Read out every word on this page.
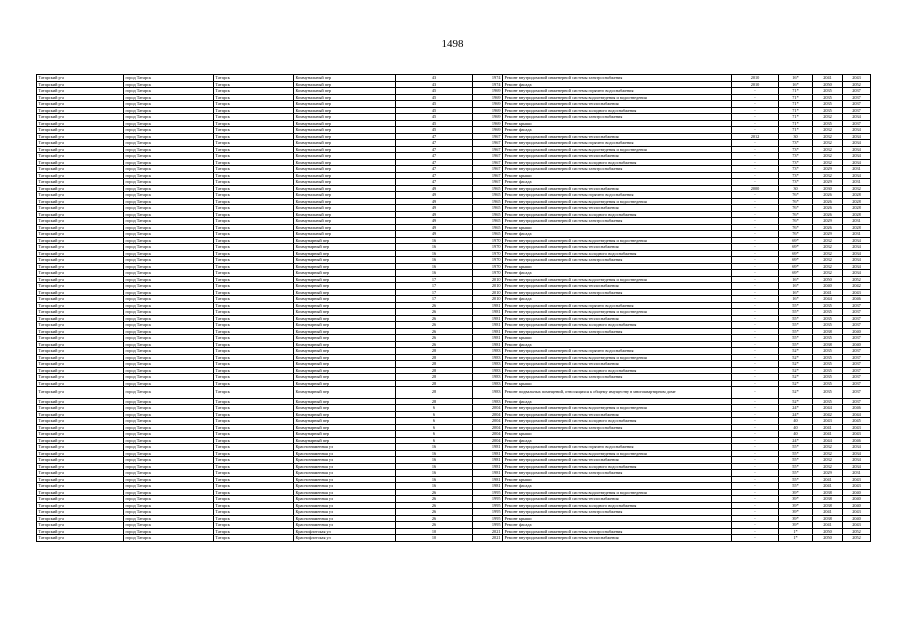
1498
Татарский р-а	город Татарск	Татарск	Коммунальный пер	43	1974	Ремонт внутридомовой инженерной системы электроснабжения	2010	16*	2041	2043
Татарский р-а	город Татарск	Татарск	Коммунальный пер	43	1974	Ремонт фасада	2010	16*	2050	2052
Татарский р-а	город Татарск	Татарск	Коммунальный пер	45	1969	Ремонт внутридомовой инженерной системы горячего водоснабжения	-	71*	2035	2037
Татарский р-а	город Татарск	Татарск	Коммунальный пер	45	1969	Ремонт внутридомовой инженерной системы водоотведения и водоотведения	-	71*	2035	2037
Татарский р-а	город Татарск	Татарск	Коммунальный пер	45	1969	Ремонт внутридомовой инженерной системы теплоснабжения	-	71*	2035	2037
Татарский р-а	город Татарск	Татарск	Коммунальный пер	45	1969	Ремонт внутридомовой инженерной системы холодного водоснабжения	-	71*	2035	2037
Татарский р-а	город Татарск	Татарск	Коммунальный пер	45	1969	Ремонт внутридомовой инженерной системы электроснабжения	-	71*	2032	2034
Татарский р-а	город Татарск	Татарск	Коммунальный пер	45	1969	Ремонт крыши	-	71*	2035	2037
Татарский р-а	город Татарск	Татарск	Коммунальный пер	45	1969	Ремонт фасада	-	71*	2032	2034
Татарский р-а	город Татарск	Татарск	Коммунальный пер	47	1967	Ремонт внутридомовой инженерной системы теплоснабжения	2012	30	2032	2034
Татарский р-а	город Татарск	Татарск	Коммунальный пер	47	1967	Ремонт внутридомовой инженерной системы горячего водоснабжения	-	73*	2032	2034
Татарский р-а	город Татарск	Татарск	Коммунальный пер	47	1967	Ремонт внутридомовой инженерной системы водоотведения и водоотведения	-	73*	2032	2034
Татарский р-а	город Татарск	Татарск	Коммунальный пер	47	1967	Ремонт внутридомовой инженерной системы теплоснабжения	-	73*	2032	2034
Татарский р-а	город Татарск	Татарск	Коммунальный пер	47	1967	Ремонт внутридомовой инженерной системы холодного водоснабжения	-	73*	2032	2034
Татарский р-а	город Татарск	Татарск	Коммунальный пер	47	1967	Ремонт внутридомовой инженерной системы электроснабжения	-	73*	2029	2031
Татарский р-а	город Татарск	Татарск	Коммунальный пер	47	1967	Ремонт крыши	-	73*	2032	2034
Татарский р-а	город Татарск	Татарск	Коммунальный пер	47	1967	Ремонт фасада	-	73*	2029	2031
Татарский р-а	город Татарск	Татарск	Коммунальный пер	49	1965	Ремонт внутридомовой инженерной системы теплоснабжения	2000	30	2030	2032
Татарский р-а	город Татарск	Татарск	Коммунальный пер	49	1965	Ремонт внутридомовой инженерной системы горячего водоснабжения	-	76*	2026	2028
Татарский р-а	город Татарск	Татарск	Коммунальный пер	49	1965	Ремонт внутридомовой инженерной системы водоотведения и водоотведения	-	76*	2026	2028
Татарский р-а	город Татарск	Татарск	Коммунальный пер	49	1965	Ремонт внутридомовой инженерной системы теплоснабжения	-	76*	2026	2028
Татарский р-а	город Татарск	Татарск	Коммунальный пер	49	1965	Ремонт внутридомовой инженерной системы холодного водоснабжения	-	76*	2026	2028
Татарский р-а	город Татарск	Татарск	Коммунальный пер	49	1965	Ремонт внутридомовой инженерной системы электроснабжения	-	76*	2029	2031
Татарский р-а	город Татарск	Татарск	Коммунальный пер	49	1965	Ремонт крыши	-	76*	2026	2028
Татарский р-а	город Татарск	Татарск	Коммунальный пер	49	1965	Ремонт фасада	-	76*	2029	2031
Татарский р-а	город Татарск	Татарск	Коммунарный пер	16	1970	Ремонт внутридомовой инженерной системы водоотведения и водоотведения	-	69*	2032	2034
Татарский р-а	город Татарск	Татарск	Коммунарный пер	16	1970	Ремонт внутридомовой инженерной системы теплоснабжения	-	69*	2032	2034
Татарский р-а	город Татарск	Татарск	Коммунарный пер	16	1970	Ремонт внутридомовой инженерной системы холодного водоснабжения	-	69*	2032	2034
Татарский р-а	город Татарск	Татарск	Коммунарный пер	16	1970	Ремонт внутридомовой инженерной системы электроснабжения	-	69*	2032	2034
Татарский р-а	город Татарск	Татарск	Коммунарный пер	16	1970	Ремонт крыши	-	69*	2032	2034
Татарский р-а	город Татарск	Татарск	Коммунарный пер	16	1970	Ремонт фасада	-	69*	2032	2034
Татарский р-а	город Татарск	Татарск	Коммунарный пер	17	2010	Ремонт внутридомовой инженерной системы водоотведения и водоотведения	-	16*	2050	2052
Татарский р-а	город Татарск	Татарск	Коммунарный пер	17	2010	Ремонт внутридомовой инженерной системы теплоснабжения	-	16*	2040	2042
Татарский р-а	город Татарск	Татарск	Коммунарный пер	17	2010	Ремонт внутридомовой инженерной системы электроснабжения	-	16*	2041	2043
Татарский р-а	город Татарск	Татарск	Коммунарный пер	17	2010	Ремонт фасада	-	16*	2044	2046
Татарский р-а	город Татарск	Татарск	Коммунарный пер	26	1981	Ремонт внутридомовой инженерной системы горячего водоснабжения	-	55*	2035	2037
Татарский р-а	город Татарск	Татарск	Коммунарный пер	26	1981	Ремонт внутридомовой инженерной системы водоотведения и водоотведения	-	55*	2035	2037
Татарский р-а	город Татарск	Татарск	Коммунарный пер	26	1981	Ремонт внутридомовой инженерной системы теплоснабжения	-	55*	2035	2037
Татарский р-а	город Татарск	Татарск	Коммунарный пер	26	1981	Ремонт внутридомовой инженерной системы холодного водоснабжения	-	55*	2035	2037
Татарский р-а	город Татарск	Татарск	Коммунарный пер	26	1981	Ремонт внутридомовой инженерной системы электроснабжения	-	55*	2038	2040
Татарский р-а	город Татарск	Татарск	Коммунарный пер	26	1981	Ремонт крыши	-	55*	2035	2037
Татарский р-а	город Татарск	Татарск	Коммунарный пер	26	1981	Ремонт фасада	-	55*	2038	2040
Татарский р-а	город Татарск	Татарск	Коммунарный пер	28	1983	Ремонт внутридомовой инженерной системы горячего водоснабжения	-	52*	2035	2037
Татарский р-а	город Татарск	Татарск	Коммунарный пер	28	1983	Ремонт внутридомовой инженерной системы водоотведения и водоотведения	-	52*	2035	2037
Татарский р-а	город Татарск	Татарск	Коммунарный пер	28	1983	Ремонт внутридомовой инженерной системы теплоснабжения	-	52*	2035	2037
Татарский р-а	город Татарск	Татарск	Коммунарный пер	28	1983	Ремонт внутридомовой инженерной системы холодного водоснабжения	-	52*	2035	2037
Татарский р-а	город Татарск	Татарск	Коммунарный пер	28	1983	Ремонт внутридомовой инженерной системы электроснабжения	-	52*	2035	2037
Татарский р-а	город Татарск	Татарск	Коммунарный пер	28	1983	Ремонт крыши	-	52*	2035	2037
Татарский р-а	город Татарск	Татарск	Коммунарный пер	28	1983	Ремонт подвальных помещений, относящихся к общему имуществу в многоквартирном доме	-	52*	2035	2037
Татарский р-а	город Татарск	Татарск	Коммунарный пер	28	1983	Ремонт фасада	-	52*	2035	2037
Татарский р-а	город Татарск	Татарск	Коммунарный пер	6	2004	Ремонт внутридомовой инженерной системы водоотведения и водоотведения	-	24*	2044	2046
Татарский р-а	город Татарск	Татарск	Коммунарный пер	6	2004	Ремонт внутридомовой инженерной системы теплоснабжения	-	24*	2042	2044
Татарский р-а	город Татарск	Татарск	Коммунарный пер	6	2004	Ремонт внутридомовой инженерной системы холодного водоснабжения	-	40	2043	2045
Татарский р-а	город Татарск	Татарск	Коммунарный пер	6	2004	Ремонт внутридомовой инженерной системы электроснабжения	-	40	2041	2043
Татарский р-а	город Татарск	Татарск	Коммунарный пер	6	2004	Ремонт крыши	-	40	2041	2043
Татарский р-а	город Татарск	Татарск	Коммунарный пер	6	2004	Ремонт фасада	-	24*	2044	2046
Татарский р-а	город Татарск	Татарск	Краснознаменная ул	16	1981	Ремонт внутридомовой инженерной системы горячего водоснабжения	-	55*	2032	2034
Татарский р-а	город Татарск	Татарск	Краснознаменная ул	16	1981	Ремонт внутридомовой инженерной системы водоотведения и водоотведения	-	55*	2032	2034
Татарский р-а	город Татарск	Татарск	Краснознаменная ул	16	1981	Ремонт внутридомовой инженерной системы теплоснабжения	-	55*	2032	2034
Татарский р-а	город Татарск	Татарск	Краснознаменная ул	16	1981	Ремонт внутридомовой инженерной системы холодного водоснабжения	-	55*	2032	2034
Татарский р-а	город Татарск	Татарск	Краснознаменная ул	16	1981	Ремонт внутридомовой инженерной системы электроснабжения	-	55*	2029	2031
Татарский р-а	город Татарск	Татарск	Краснознаменная ул	16	1981	Ремонт крыши	-	55*	2041	2043
Татарский р-а	город Татарск	Татарск	Краснознаменная ул	16	1981	Ремонт фасада	-	55*	2041	2043
Татарский р-а	город Татарск	Татарск	Краснознаменная ул	26	1995	Ремонт внутридомовой инженерной системы водоотведения и водоотведения	-	39*	2038	2040
Татарский р-а	город Татарск	Татарск	Краснознаменная ул	26	1995	Ремонт внутридомовой инженерной системы теплоснабжения	-	39*	2038	2040
Татарский р-а	город Татарск	Татарск	Краснознаменная ул	26	1995	Ремонт внутридомовой инженерной системы холодного водоснабжения	-	39*	2038	2040
Татарский р-а	город Татарск	Татарск	Краснознаменная ул	26	1995	Ремонт внутридомовой инженерной системы электроснабжения	-	39*	2041	2043
Татарский р-а	город Татарск	Татарск	Краснознаменная ул	26	1995	Ремонт крыши	-	39*	2038	2040
Татарский р-а	город Татарск	Татарск	Краснознаменная ул	26	1995	Ремонт фасада	-	39*	2041	2043
Татарский р-а	город Татарск	Татарск	Краснофлотская ул	10	2021	Ремонт внутридомовой инженерной системы электроснабжения	-	1*	2050	2052
Татарский р-а	город Татарск	Татарск	Краснофлотская ул	10	2021	Ремонт внутридомовой инженерной системы теплоснабжения	-	1*	2050	2052
